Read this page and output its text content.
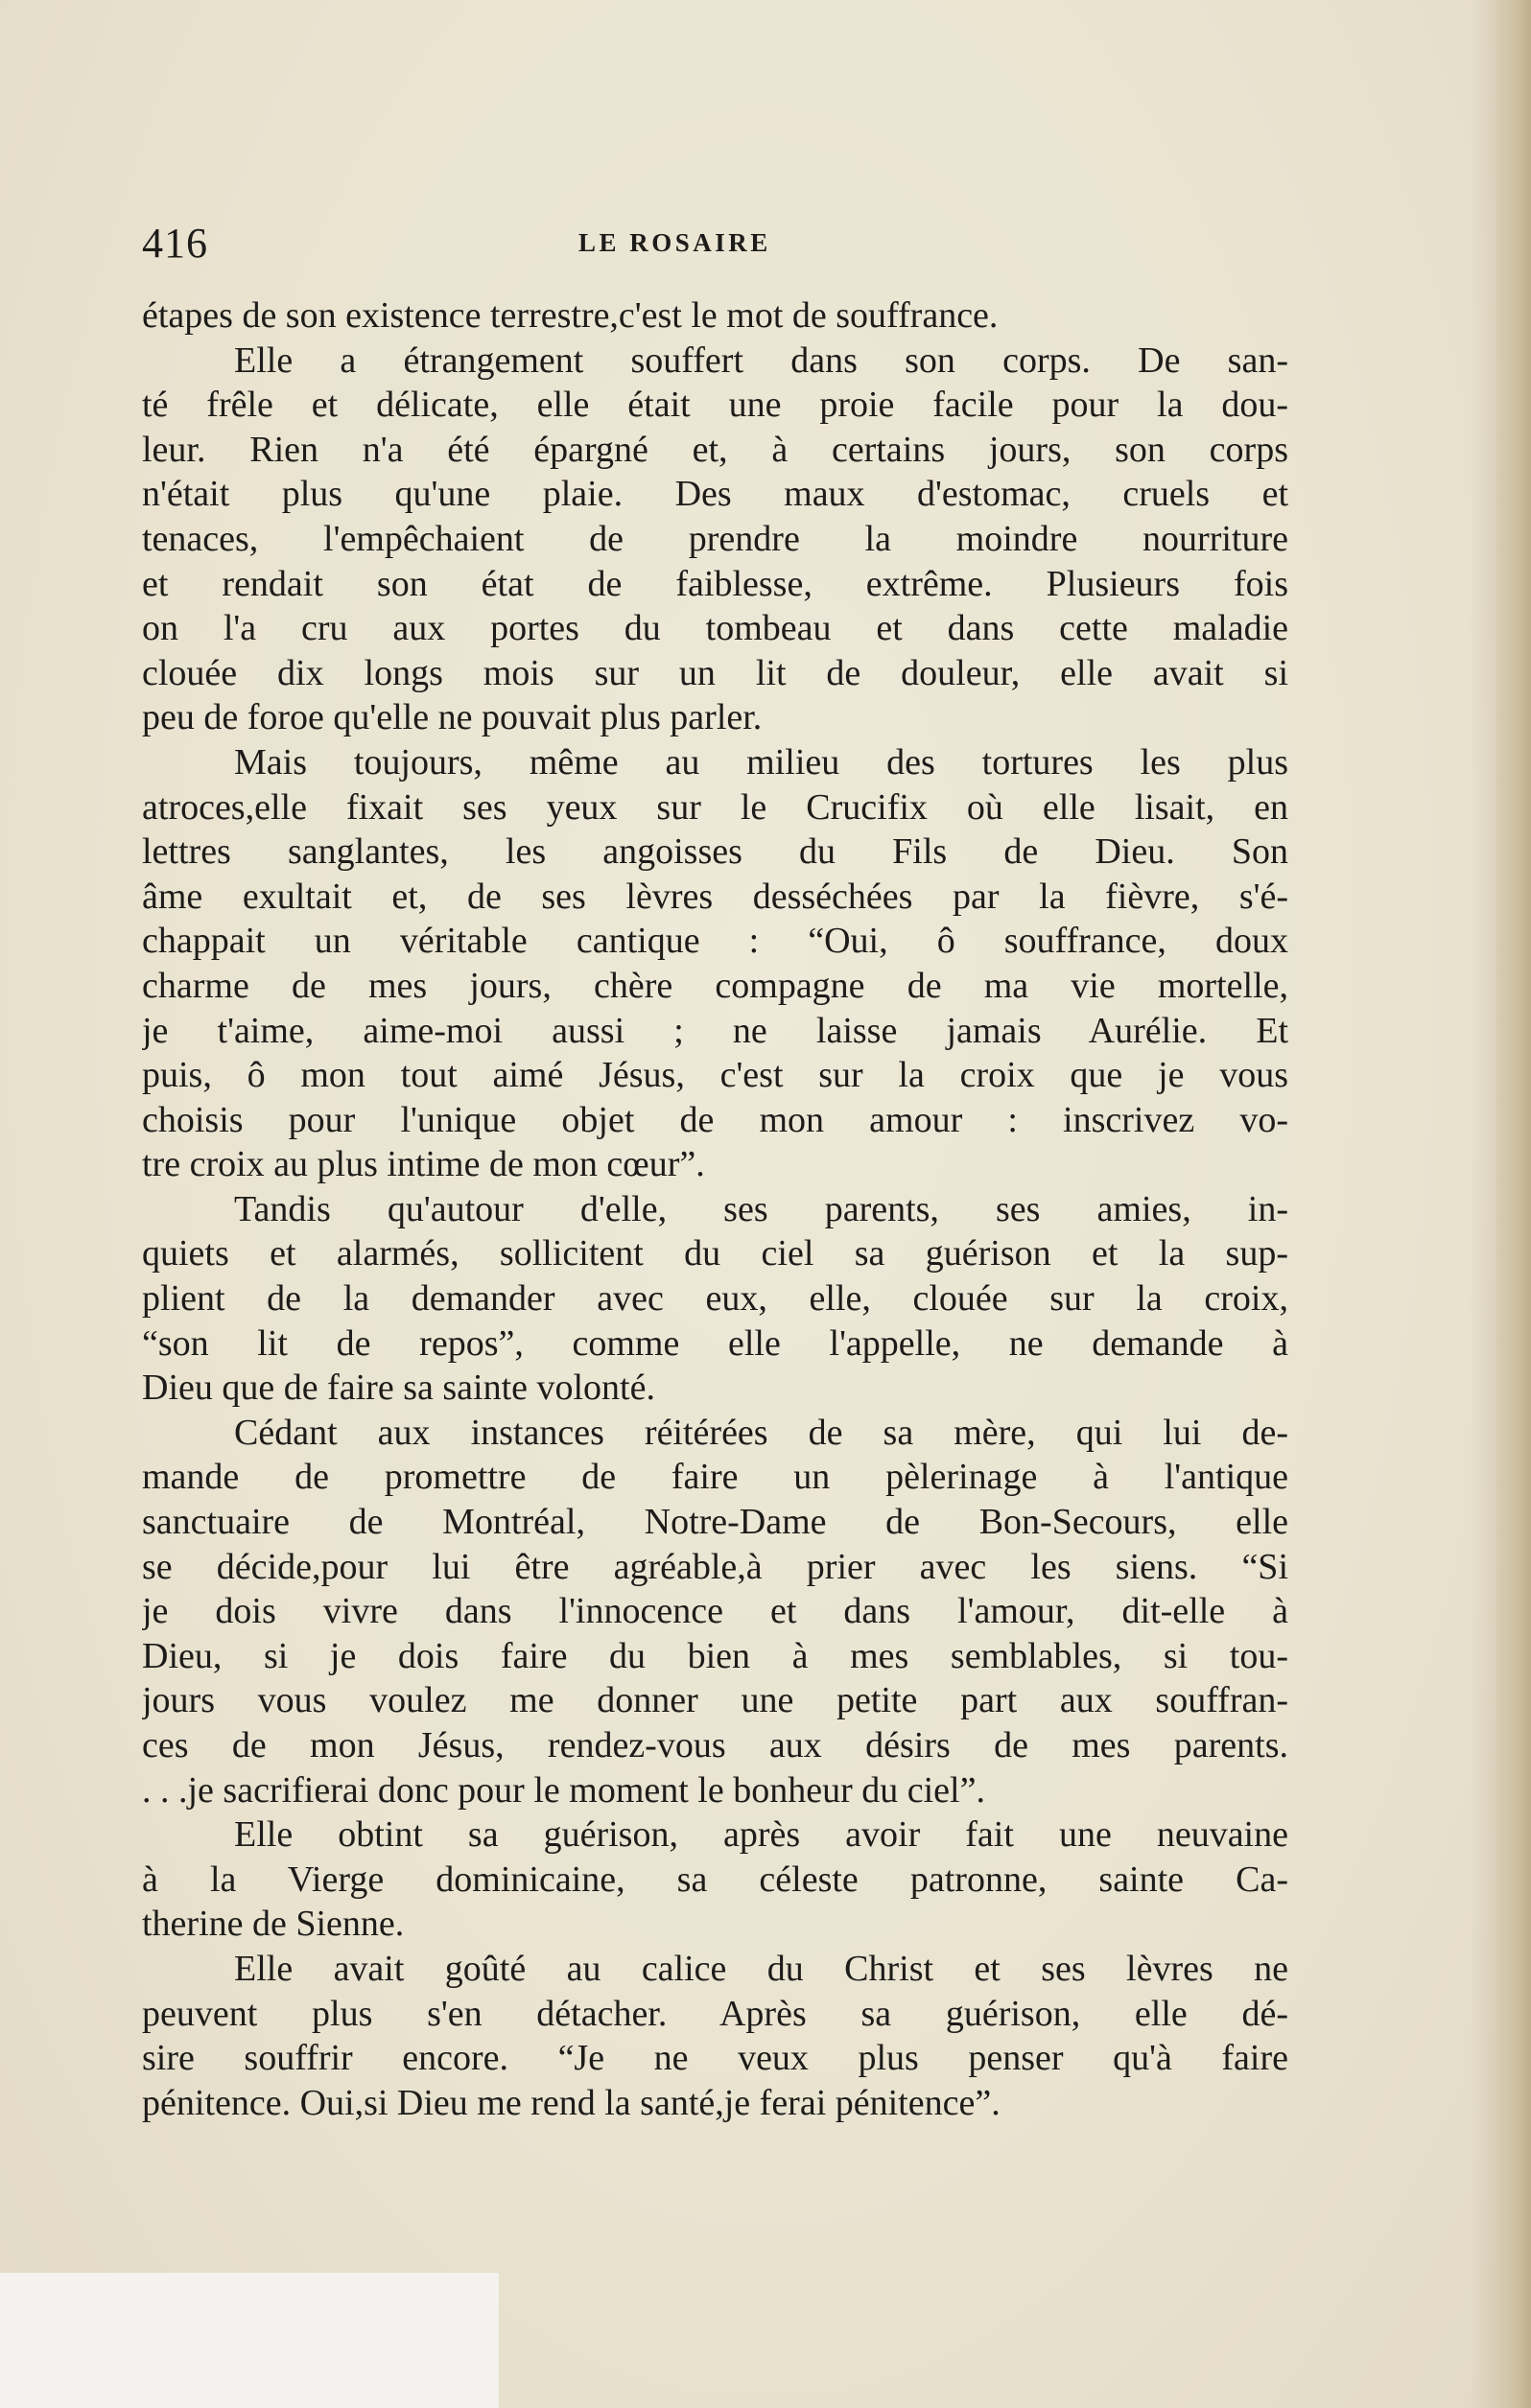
416	LE ROSAIRE
étapes de son existence terrestre,c'est le mot de souffrance.
Elle a étrangement souffert dans son corps. De san-
té frêle et délicate, elle était une proie facile pour la dou-
leur. Rien n'a été épargné et, à certains jours, son corps
n'était plus qu'une plaie. Des maux d'estomac, cruels et
tenaces, l'empêchaient de prendre la moindre nourriture
et rendait son état de faiblesse, extrême. Plusieurs fois
on l'a cru aux portes du tombeau et dans cette maladie
clouée dix longs mois sur un lit de douleur, elle avait si
peu de foroe qu'elle ne pouvait plus parler.
Mais toujours, même au milieu des tortures les plus
atroces,elle fixait ses yeux sur le Crucifix où elle lisait, en
lettres sanglantes, les angoisses du Fils de Dieu. Son
âme exultait et, de ses lèvres desséchées par la fièvre, s'é-
chappait un véritable cantique : “Oui, ô souffrance, doux
charme de mes jours, chère compagne de ma vie mortelle,
je t'aime, aime-moi aussi ; ne laisse jamais Aurélie. Et
puis, ô mon tout aimé Jésus, c'est sur la croix que je vous
choisis pour l'unique objet de mon amour : inscrivez vo-
tre croix au plus intime de mon cœur”.
Tandis qu'autour d'elle, ses parents, ses amies, in-
quiets et alarmés, sollicitent du ciel sa guérison et la sup-
plient de la demander avec eux, elle, clouée sur la croix,
“son lit de repos”, comme elle l'appelle, ne demande à
Dieu que de faire sa sainte volonté.
Cédant aux instances réitérées de sa mère, qui lui de-
mande de promettre de faire un pèlerinage à l'antique
sanctuaire de Montréal, Notre-Dame de Bon-Secours, elle
se décide,pour lui être agréable,à prier avec les siens. “Si
je dois vivre dans l'innocence et dans l'amour, dit-elle à
Dieu, si je dois faire du bien à mes semblables, si tou-
jours vous voulez me donner une petite part aux souffran-
ces de mon Jésus, rendez-vous aux désirs de mes parents.
. . .je sacrifierai donc pour le moment le bonheur du ciel”.
Elle obtint sa guérison, après avoir fait une neuvaine
à la Vierge dominicaine, sa céleste patronne, sainte Ca-
therine de Sienne.
Elle avait goûté au calice du Christ et ses lèvres ne
peuvent plus s'en détacher. Après sa guérison, elle dé-
sire souffrir encore. “Je ne veux plus penser qu'à faire
pénitence. Oui,si Dieu me rend la santé,je ferai pénitence”.
